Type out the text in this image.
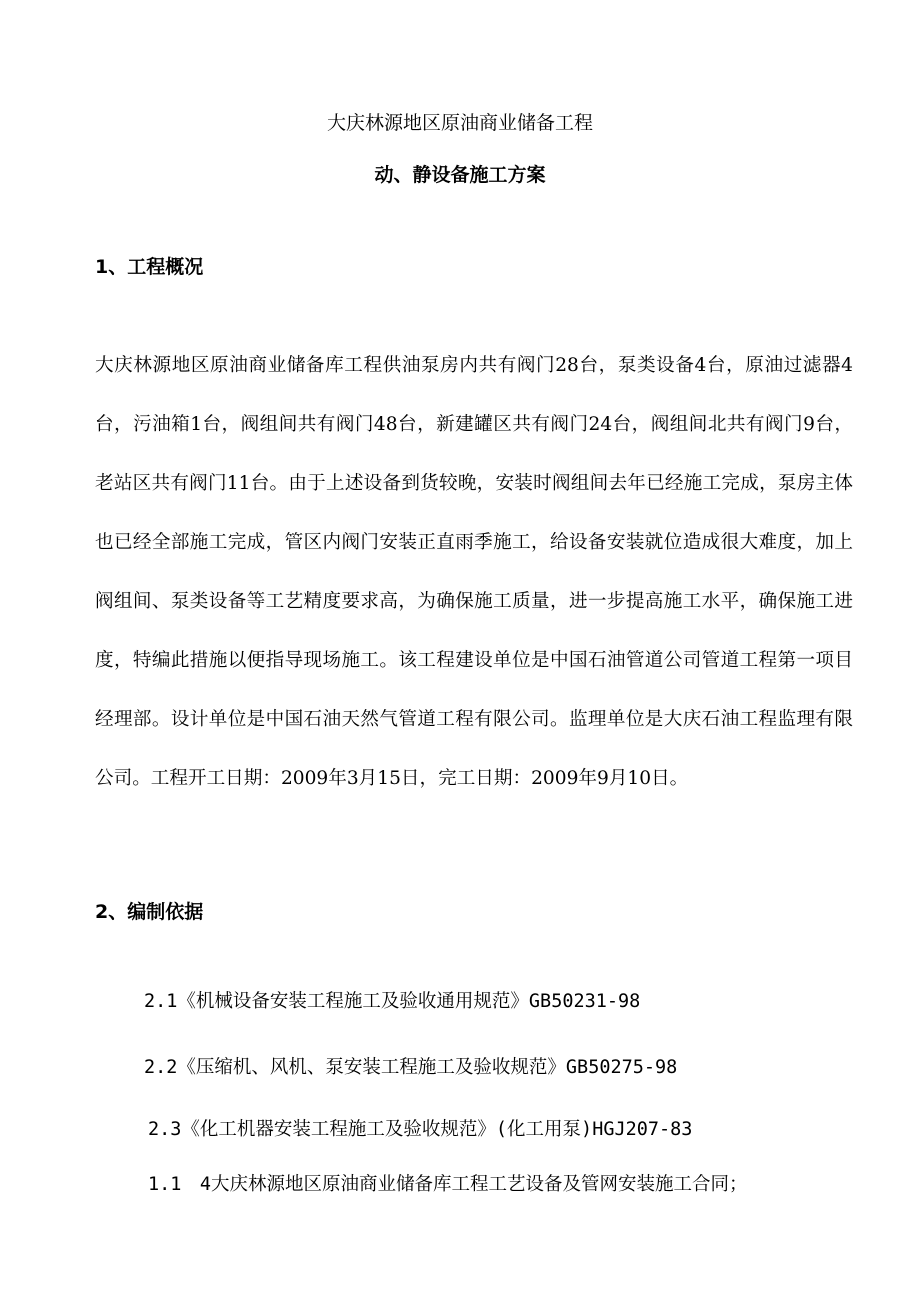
大庆林源地区原油商业储备工程
动、静设备施工方案
1、工程概况

大庆林源地区原油商业储备库工程供油泵房内共有阀门28台，泵类设备4台，原油过滤器4台，污油箱1台，阀组间共有阀门48台，新建罐区共有阀门24台，阀组间北共有阀门9台，老站区共有阀门11台。由于上述设备到货较晚，安装时阀组间去年已经施工完成，泵房主体也已经全部施工完成，管区内阀门安装正直雨季施工，给设备安装就位造成很大难度，加上阀组间、泵类设备等工艺精度要求高，为确保施工质量，进一步提高施工水平，确保施工进度，特编此措施以便指导现场施工。该工程建设单位是中国石油管道公司管道工程第一项目经理部。设计单位是中国石油天然气管道工程有限公司。监理单位是大庆石油工程监理有限公司。工程开工日期：2009年3月15日，完工日期：2009年9月10日。

2、编制依据
2.1《机械设备安装工程施工及验收通用规范》GB50231-98
2.2《压缩机、风机、泵安装工程施工及验收规范》GB50275-98
2.3《化工机器安装工程施工及验收规范》(化工用泵)HGJ207-83
1.1　4大庆林源地区原油商业储备库工程工艺设备及管网安装施工合同；
